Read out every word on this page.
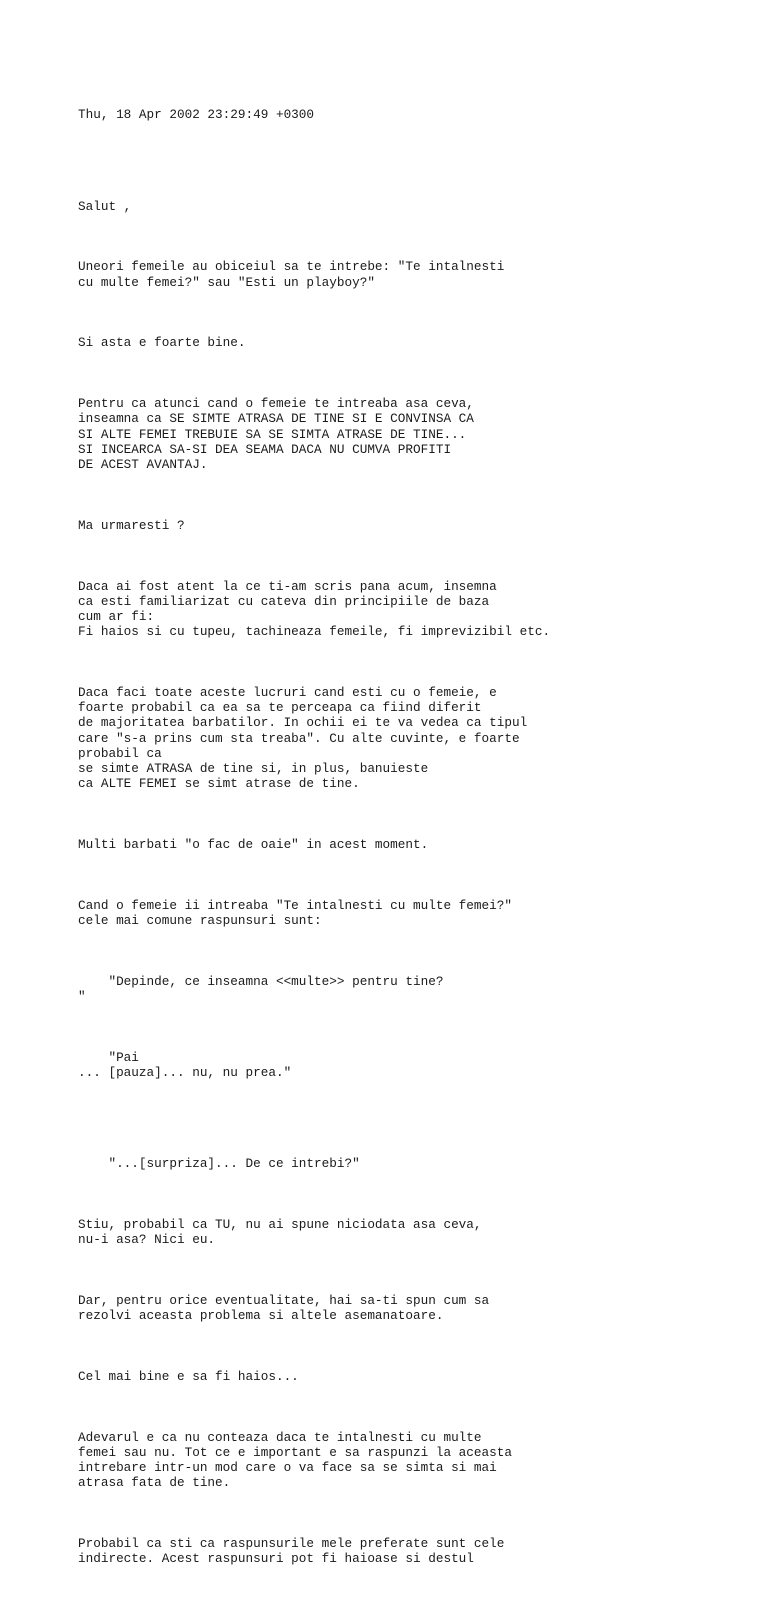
Thu, 18 Apr 2002 23:29:49 +0300

Salut ,

Uneori femeile au obiceiul sa te intrebe: "Te intalnesti
cu multe femei?" sau "Esti un playboy?"

Si asta e foarte bine.

Pentru ca atunci cand o femeie te intreaba asa ceva,
inseamna ca SE SIMTE ATRASA DE TINE SI E CONVINSA CA
SI ALTE FEMEI TREBUIE SA SE SIMTA ATRASE DE TINE...
SI INCEARCA SA-SI DEA SEAMA DACA NU CUMVA PROFITI
DE ACEST AVANTAJ.

Ma urmaresti ?

Daca ai fost atent la ce ti-am scris pana acum, insemna
ca esti familiarizat cu cateva din principiile de baza
cum ar fi:
Fi haios si cu tupeu, tachineaza femeile, fi imprevizibil etc.

Daca faci toate aceste lucruri cand esti cu o femeie, e
foarte probabil ca ea sa te perceapa ca fiind diferit
de majoritatea barbatilor. In ochii ei te va vedea ca tipul
care "s-a prins cum sta treaba". Cu alte cuvinte, e foarte
probabil ca
se simte ATRASA de tine si, in plus, banuieste
ca ALTE FEMEI se simt atrase de tine.

Multi barbati "o fac de oaie" in acest moment.

Cand o femeie ii intreaba "Te intalnesti cu multe femei?"
cele mai comune raspunsuri sunt:

"Depinde, ce inseamna <<multe>> pentru tine?
"

"Pai
... [pauza]... nu, nu prea."

"...[surpriza]... De ce intrebi?"

Stiu, probabil ca TU, nu ai spune niciodata asa ceva,
nu-i asa? Nici eu.

Dar, pentru orice eventualitate, hai sa-ti spun cum sa
rezolvi aceasta problema si altele asemanatoare.

Cel mai bine e sa fi haios...

Adevarul e ca nu conteaza daca te intalnesti cu multe
femei sau nu. Tot ce e important e sa raspunzi la aceasta
intrebare intr-un mod care o va face sa se simta si mai
atrasa fata de tine.

Probabil ca sti ca raspunsurile mele preferate sunt cele
indirecte. Acest raspunsuri pot fi haioase si destul
